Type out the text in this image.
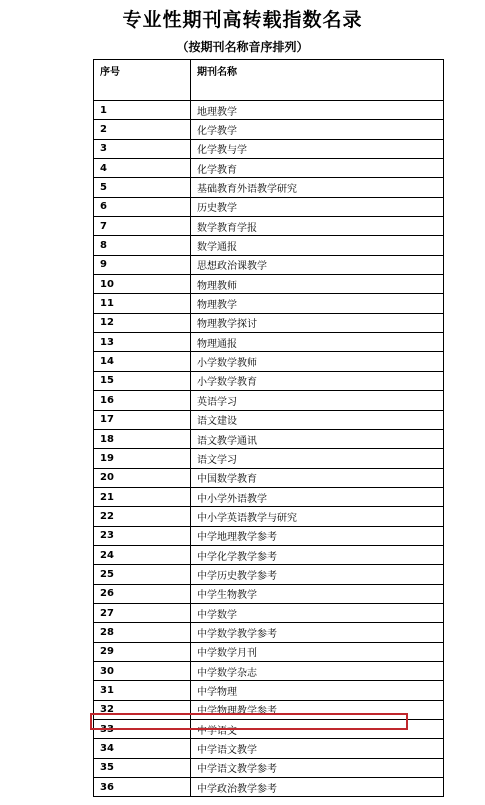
专业性期刊高转载指数名录
（按期刊名称音序排列）
序号	期刊名称
1	地理教学
2	化学教学
3	化学教与学
4	化学教育
5	基础教育外语教学研究
6	历史教学
7	数学教育学报
8	数学通报
9	思想政治课教学
10	物理教师
11	物理教学
12	物理教学探讨
13	物理通报
14	小学数学教师
15	小学数学教育
16	英语学习
17	语文建设
18	语文教学通讯
19	语文学习
20	中国数学教育
21	中小学外语教学
22	中小学英语教学与研究
23	中学地理教学参考
24	中学化学教学参考
25	中学历史教学参考
26	中学生物教学
27	中学数学
28	中学数学教学参考
29	中学数学月刊
30	中学数学杂志
31	中学物理
32	中学物理教学参考
33	中学语文
34	中学语文教学
35	中学语文教学参考
36	中学政治教学参考
